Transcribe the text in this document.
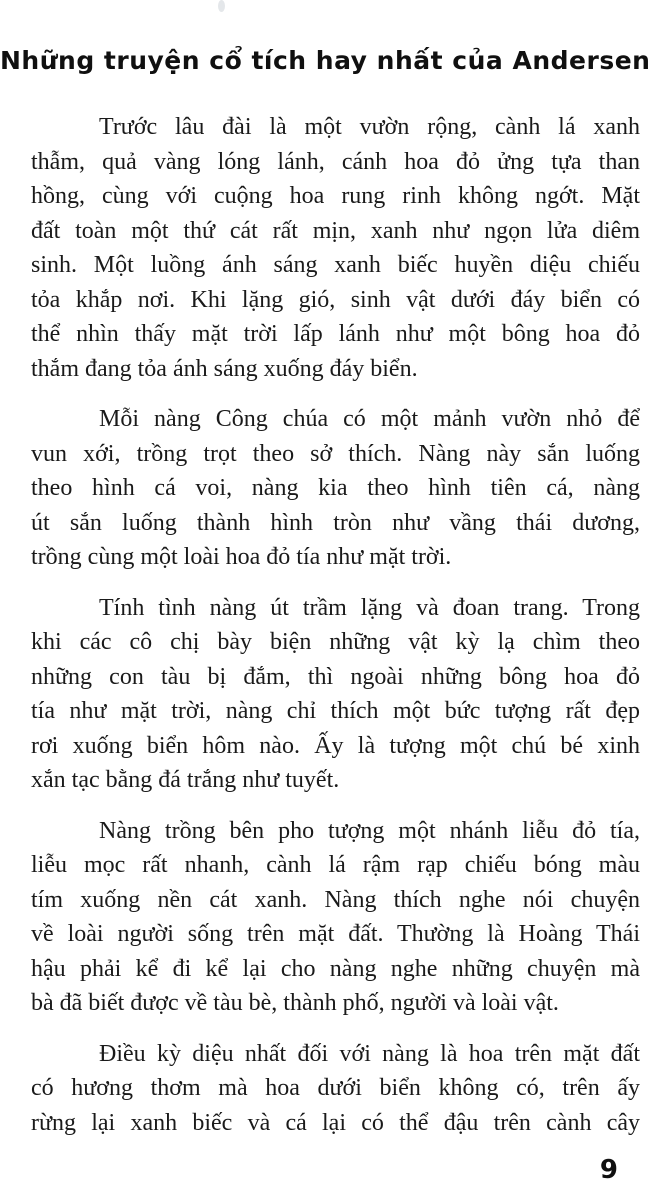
Những truyện cổ tích hay nhất của Andersen

Trước lâu đài là một vườn rộng, cành lá xanh
thẫm, quả vàng lóng lánh, cánh hoa đỏ ửng tựa than
hồng, cùng với cuộng hoa rung rinh không ngớt. Mặt
đất toàn một thứ cát rất mịn, xanh như ngọn lửa diêm
sinh. Một luồng ánh sáng xanh biếc huyền diệu chiếu
tỏa khắp nơi. Khi lặng gió, sinh vật dưới đáy biển có
thể nhìn thấy mặt trời lấp lánh như một bông hoa đỏ
thắm đang tỏa ánh sáng xuống đáy biển.

Mỗi nàng Công chúa có một mảnh vườn nhỏ để
vun xới, trồng trọt theo sở thích. Nàng này sắn luống
theo hình cá voi, nàng kia theo hình tiên cá, nàng
út sắn luống thành hình tròn như vầng thái dương,
trồng cùng một loài hoa đỏ tía như mặt trời.

Tính tình nàng út trầm lặng và đoan trang. Trong
khi các cô chị bày biện những vật kỳ lạ chìm theo
những con tàu bị đắm, thì ngoài những bông hoa đỏ
tía như mặt trời, nàng chỉ thích một bức tượng rất đẹp
rơi xuống biển hôm nào. Ấy là tượng một chú bé xinh
xắn tạc bằng đá trắng như tuyết.

Nàng trồng bên pho tượng một nhánh liễu đỏ tía,
liễu mọc rất nhanh, cành lá rậm rạp chiếu bóng màu
tím xuống nền cát xanh. Nàng thích nghe nói chuyện
về loài người sống trên mặt đất. Thường là Hoàng Thái
hậu phải kể đi kể lại cho nàng nghe những chuyện mà
bà đã biết được về tàu bè, thành phố, người và loài vật.

Điều kỳ diệu nhất đối với nàng là hoa trên mặt đất
có hương thơm mà hoa dưới biển không có, trên ấy
rừng lại xanh biếc và cá lại có thể đậu trên cành cây

9
